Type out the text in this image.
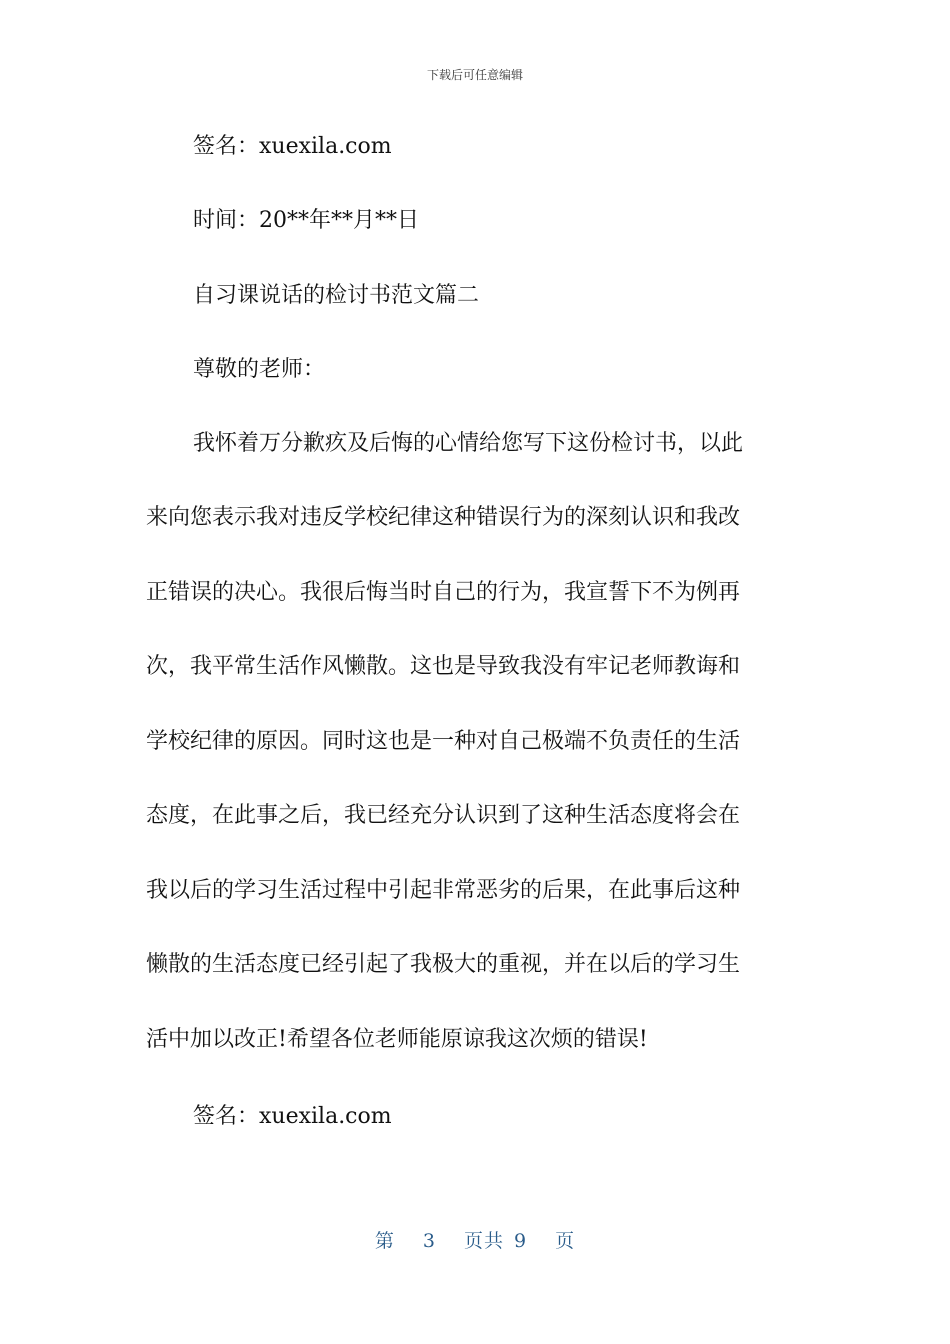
下载后可任意编辑
签名：xuexila.com
时间：20**年**月**日
自习课说话的检讨书范文篇二
尊敬的老师：
我怀着万分歉疚及后悔的心情给您写下这份检讨书，以此
来向您表示我对违反学校纪律这种错误行为的深刻认识和我改
正错误的决心。我很后悔当时自己的行为，我宣誓下不为例再
次，我平常生活作风懒散。这也是导致我没有牢记老师教诲和
学校纪律的原因。同时这也是一种对自己极端不负责任的生活
态度，在此事之后，我已经充分认识到了这种生活态度将会在
我以后的学习生活过程中引起非常恶劣的后果，在此事后这种
懒散的生活态度已经引起了我极大的重视，并在以后的学习生
活中加以改正!希望各位老师能原谅我这次烦的错误!
签名：xuexila.com
第 3 页共 9 页
